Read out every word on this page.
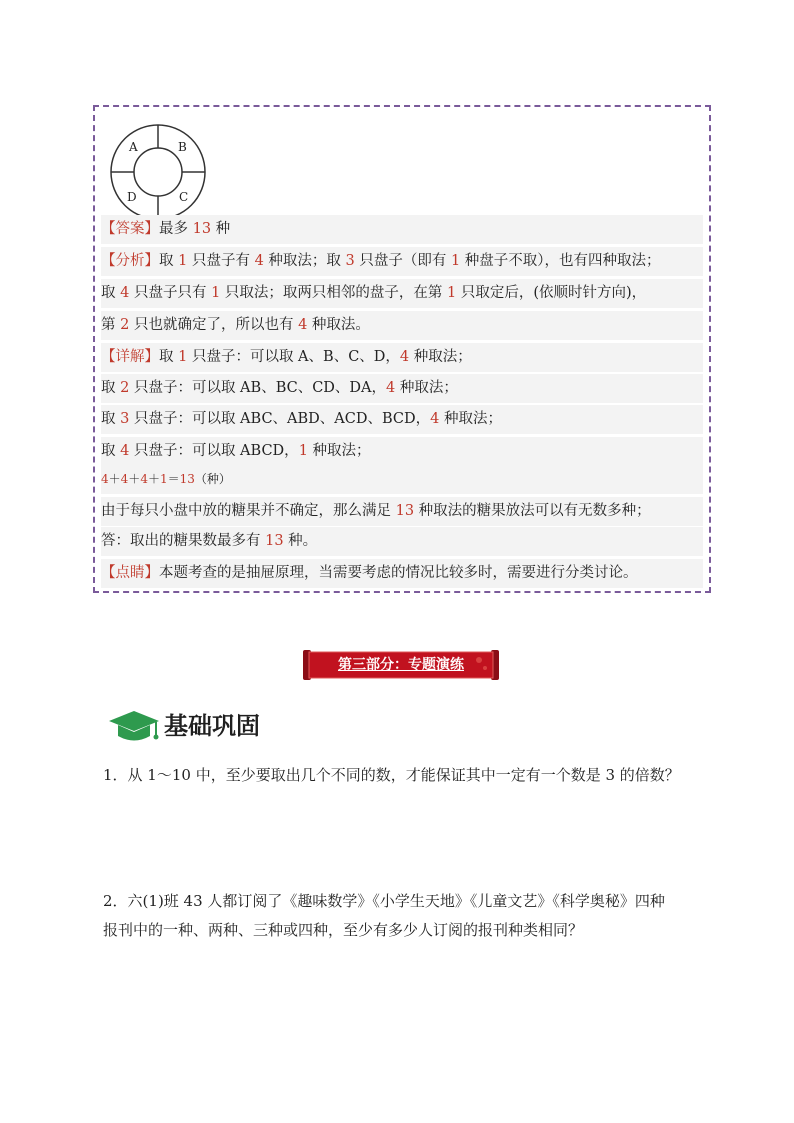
A	B
D	C
【答案】最多 13 种
【分析】取 1 只盘子有 4 种取法；取 3 只盘子（即有 1 种盘子不取），也有四种取法；
取 4 只盘子只有 1 只取法；取两只相邻的盘子，在第 1 只取定后，(依顺时针方向)，
第 2 只也就确定了，所以也有 4 种取法。
【详解】取 1 只盘子：可以取 A、B、C、D，4 种取法；
取 2 只盘子：可以取 AB、BC、CD、DA，4 种取法；
取 3 只盘子：可以取 ABC、ABD、ACD、BCD，4 种取法；
取 4 只盘子：可以取 ABCD，1 种取法；
4＋4＋4＋1＝13（种）
由于每只小盘中放的糖果并不确定，那么满足 13 种取法的糖果放法可以有无数多种；
答：取出的糖果数最多有 13 种。
【点睛】本题考查的是抽屉原理，当需要考虑的情况比较多时，需要进行分类讨论。
第三部分：专题演练
基础巩固
1．从 1～10 中，至少要取出几个不同的数，才能保证其中一定有一个数是 3 的倍数？
2．六(1)班 43 人都订阅了《趣味数学》《小学生天地》《儿童文艺》《科学奥秘》四种
报刊中的一种、两种、三种或四种，至少有多少人订阅的报刊种类相同？
